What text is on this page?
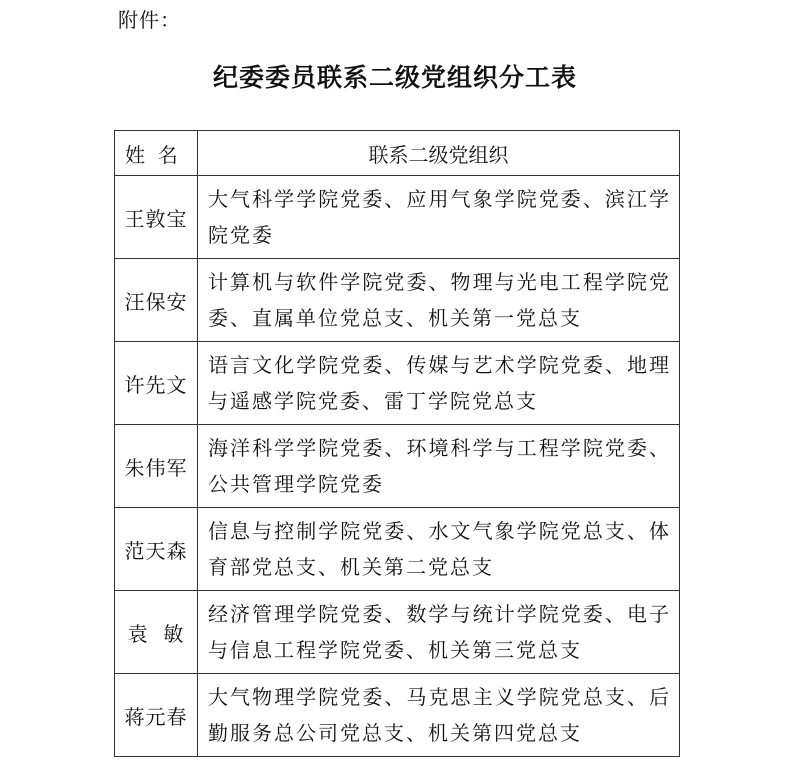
附件：
纪委委员联系二级党组织分工表
姓  名	联系二级党组织
王敦宝	大气科学学院党委、应用气象学院党委、滨江学院党委
汪保安	计算机与软件学院党委、物理与光电工程学院党委、直属单位党总支、机关第一党总支
许先文	语言文化学院党委、传媒与艺术学院党委、地理与遥感学院党委、雷丁学院党总支
朱伟军	海洋科学学院党委、环境科学与工程学院党委、公共管理学院党委
范天森	信息与控制学院党委、水文气象学院党总支、体育部党总支、机关第二党总支
袁  敏	经济管理学院党委、数学与统计学院党委、电子与信息工程学院党委、机关第三党总支
蒋元春	大气物理学院党委、马克思主义学院党总支、后勤服务总公司党总支、机关第四党总支
